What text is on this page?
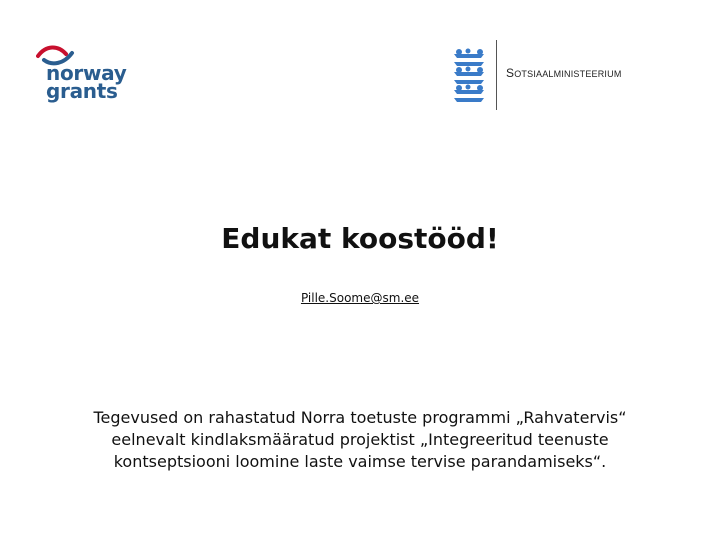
norway
grants
SOTSIAALMINISTEERIUM
Edukat koostööd!
Pille.Soome@sm.ee
Tegevused on rahastatud Norra toetuste programmi „Rahvatervis“
eelnevalt kindlaksmääratud projektist „Integreeritud teenuste
kontseptsiooni loomine laste vaimse tervise parandamiseks“.
